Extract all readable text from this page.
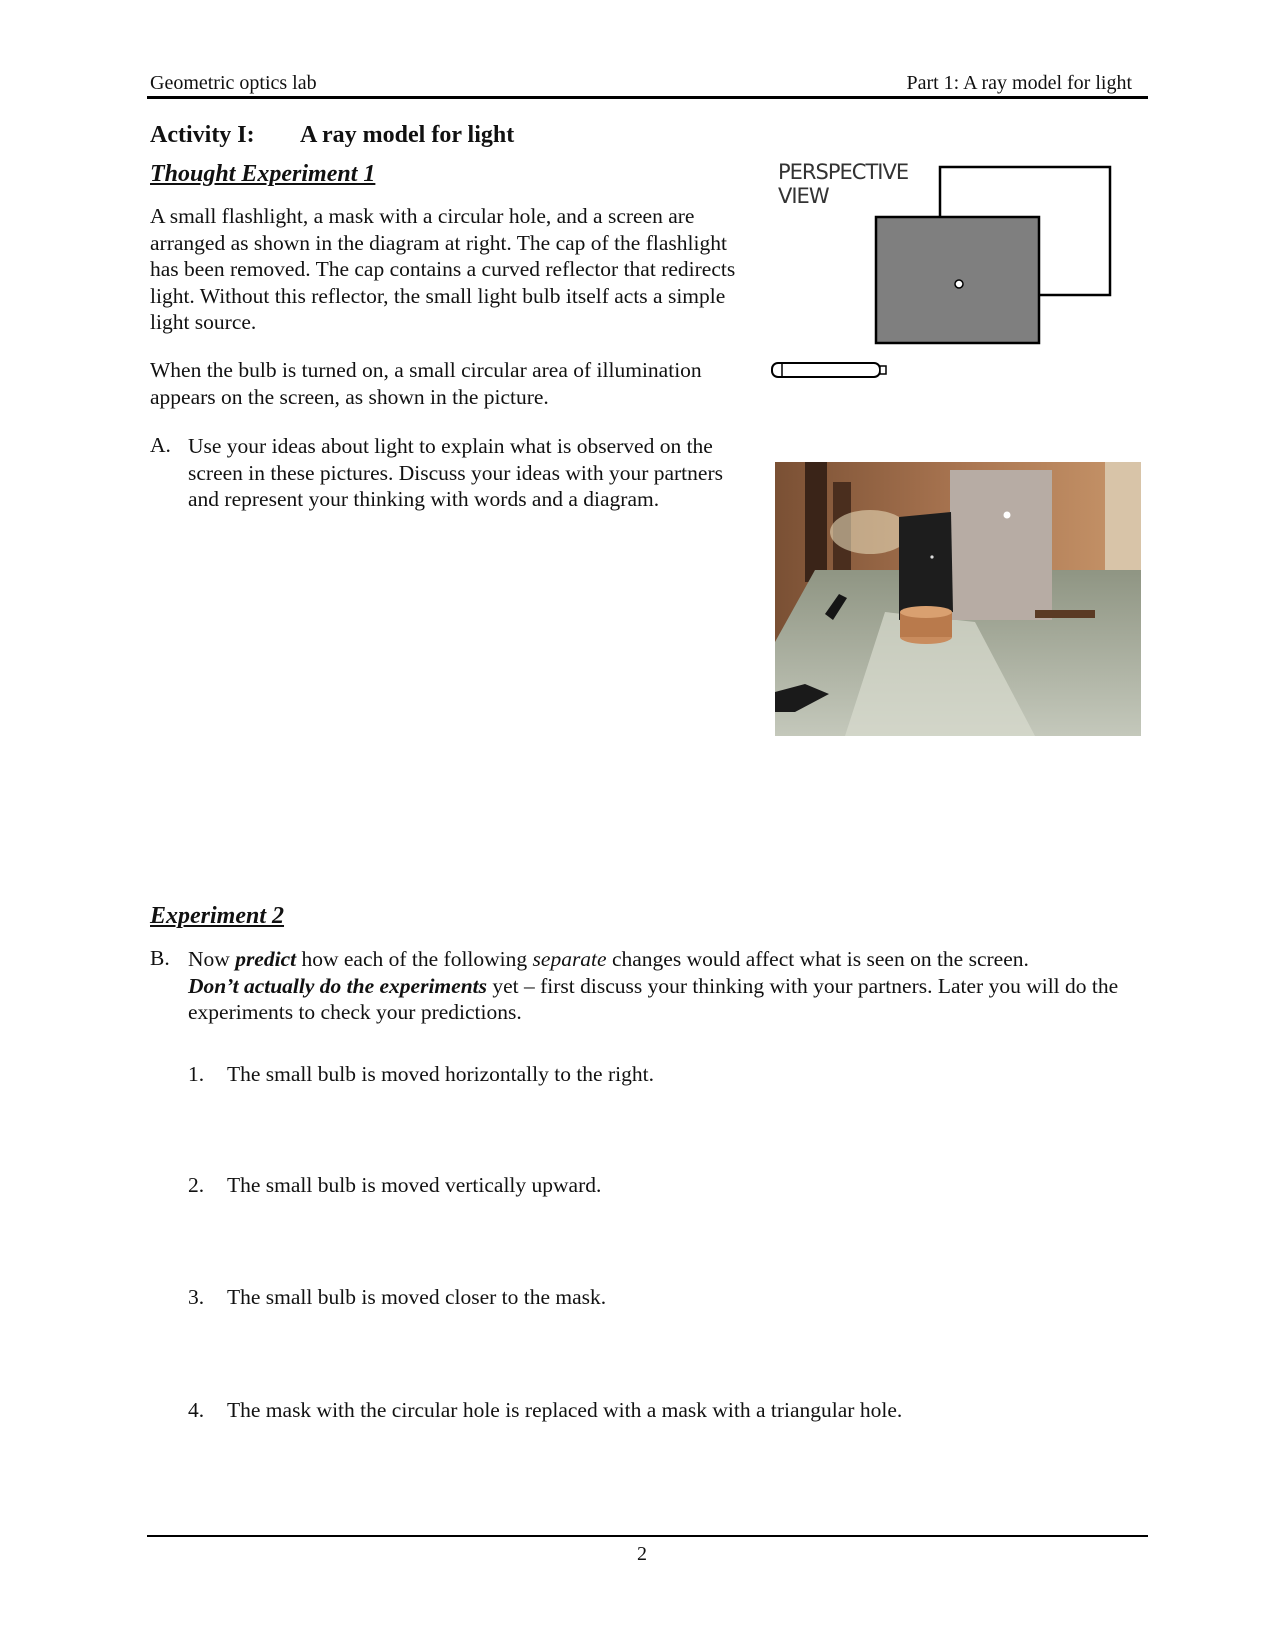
Geometric optics lab	Part 1: A ray model for light
Activity I: A ray model for light
Thought Experiment 1
A small flashlight, a mask with a circular hole, and a screen are arranged as shown in the diagram at right. The cap of the flashlight has been removed. The cap contains a curved reflector that redirects light. Without this reflector, the small light bulb itself acts a simple light source.
When the bulb is turned on, a small circular area of illumination appears on the screen, as shown in the picture.
PERSPECTIVE
VIEW
A. Use your ideas about light to explain what is observed on the screen in these pictures. Discuss your ideas with your partners and represent your thinking with words and a diagram.
Experiment 2
B. Now predict how each of the following separate changes would affect what is seen on the screen.
Don’t actually do the experiments yet – first discuss your thinking with your partners. Later you will do the experiments to check your predictions.
1. The small bulb is moved horizontally to the right.
2. The small bulb is moved vertically upward.
3. The small bulb is moved closer to the mask.
4. The mask with the circular hole is replaced with a mask with a triangular hole.
2
